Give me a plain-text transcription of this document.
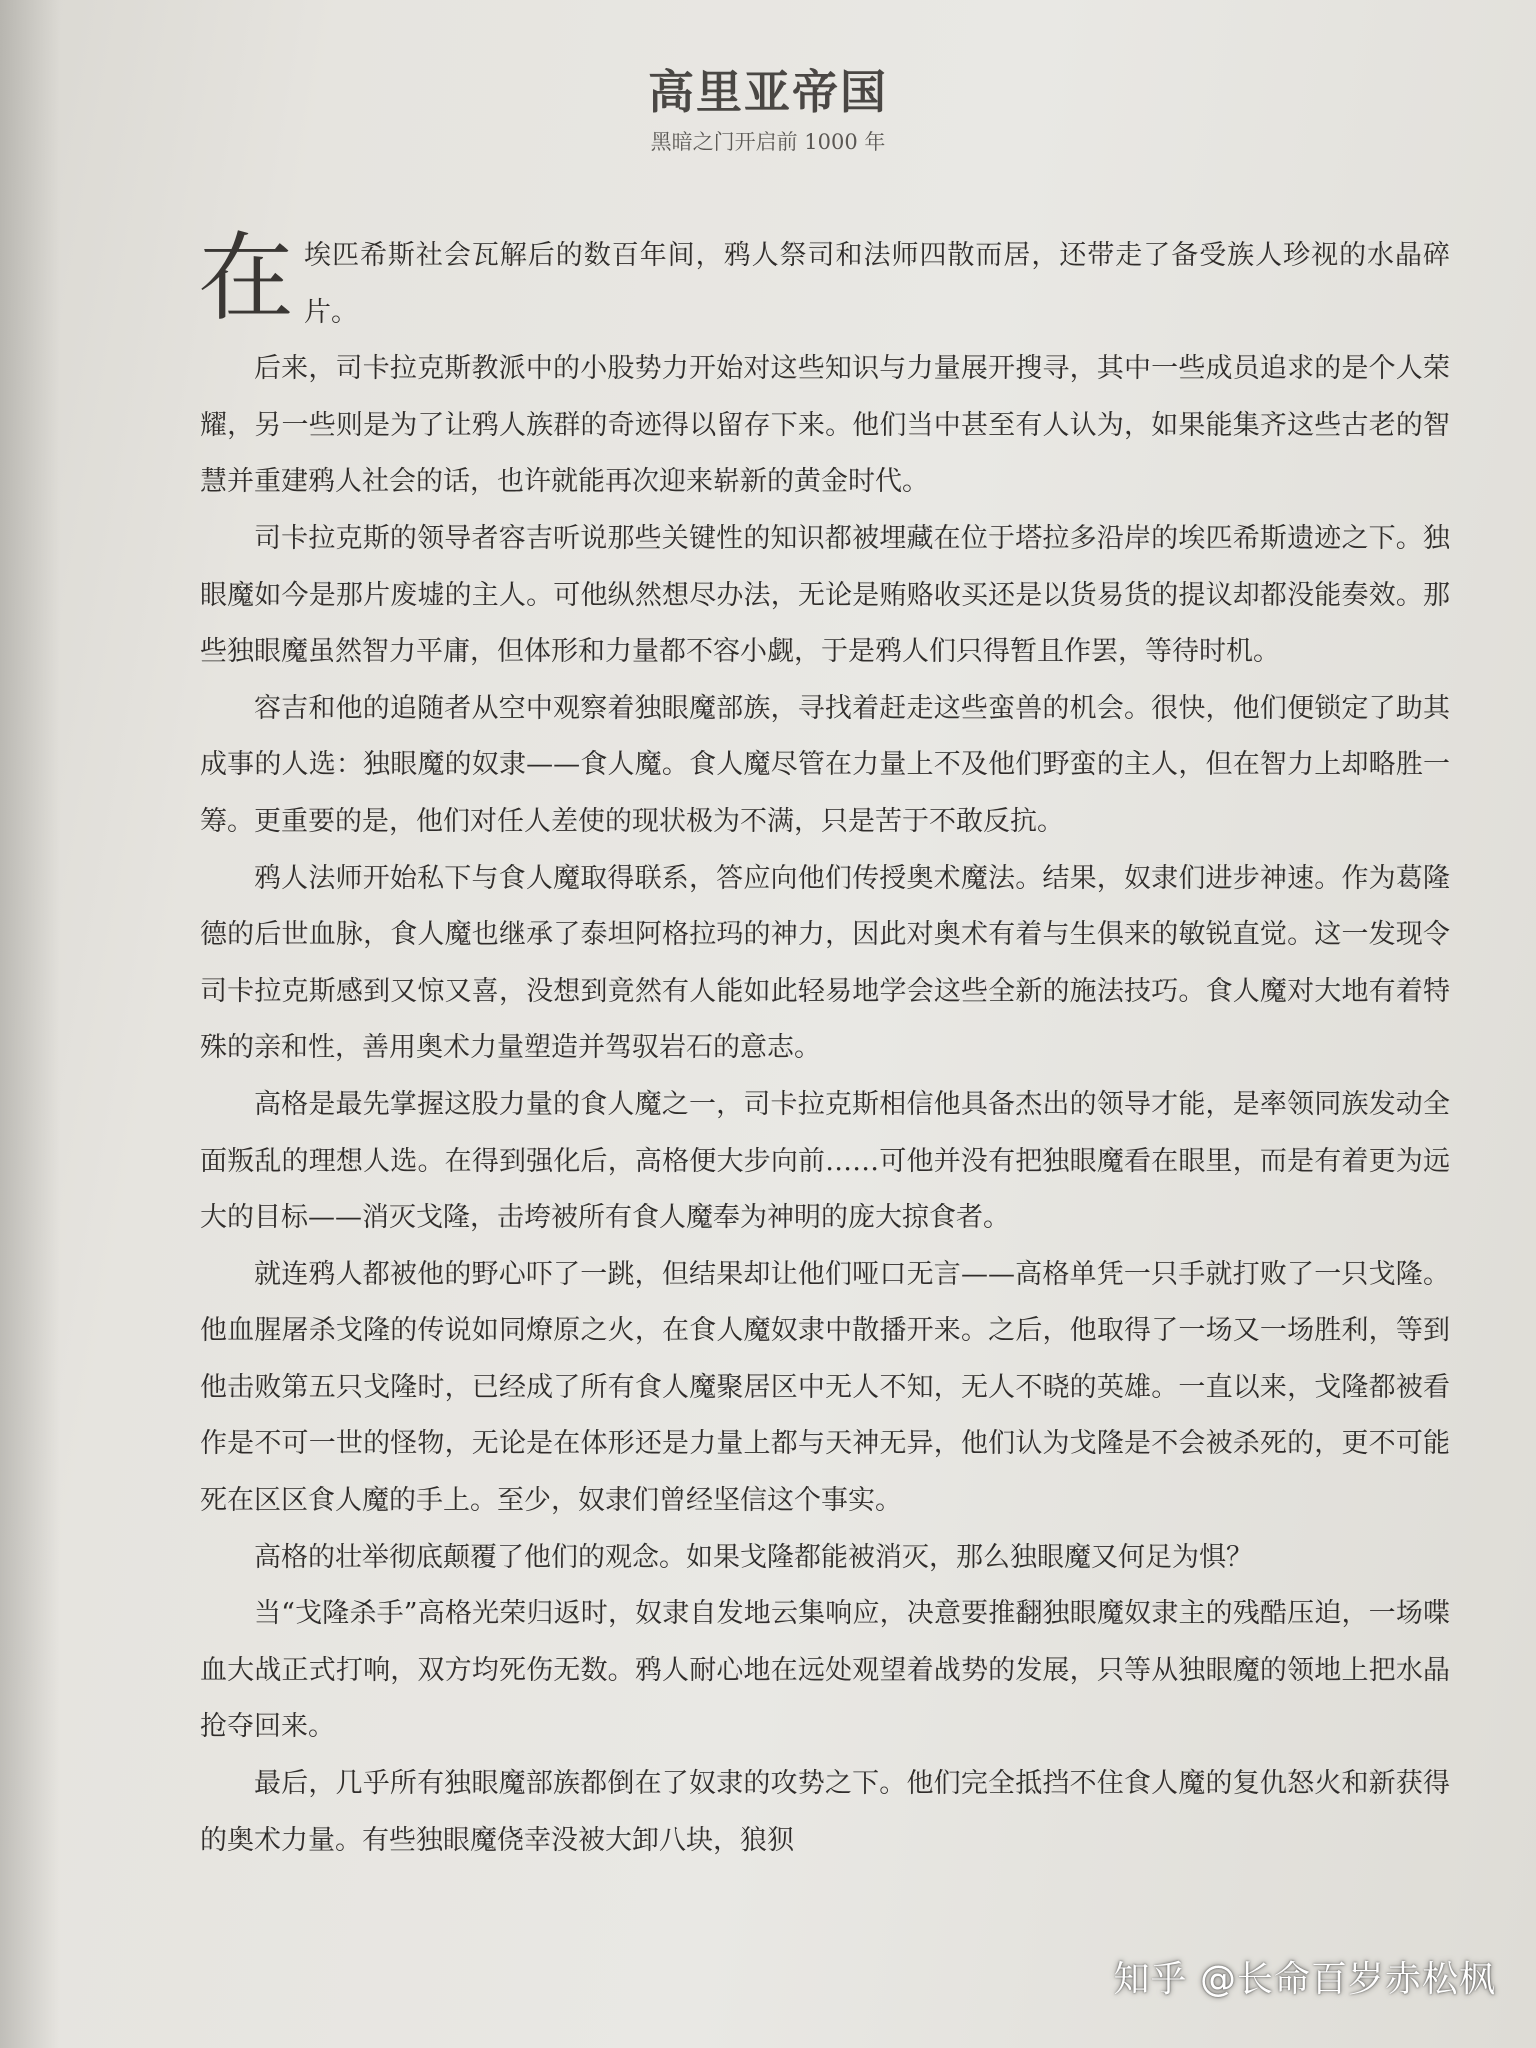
高里亚帝国
黑暗之门开启前 1000 年

在埃匹希斯社会瓦解后的数百年间，鸦人祭司和法师四散而居，还带走了备受族人珍视的水晶碎片。

后来，司卡拉克斯教派中的小股势力开始对这些知识与力量展开搜寻，其中一些成员追求的是个人荣耀，另一些则是为了让鸦人族群的奇迹得以留存下来。他们当中甚至有人认为，如果能集齐这些古老的智慧并重建鸦人社会的话，也许就能再次迎来崭新的黄金时代。

司卡拉克斯的领导者容吉听说那些关键性的知识都被埋藏在位于塔拉多沿岸的埃匹希斯遗迹之下。独眼魔如今是那片废墟的主人。可他纵然想尽办法，无论是贿赂收买还是以货易货的提议却都没能奏效。那些独眼魔虽然智力平庸，但体形和力量都不容小觑，于是鸦人们只得暂且作罢，等待时机。

容吉和他的追随者从空中观察着独眼魔部族，寻找着赶走这些蛮兽的机会。很快，他们便锁定了助其成事的人选：独眼魔的奴隶——食人魔。食人魔尽管在力量上不及他们野蛮的主人，但在智力上却略胜一筹。更重要的是，他们对任人差使的现状极为不满，只是苦于不敢反抗。

鸦人法师开始私下与食人魔取得联系，答应向他们传授奥术魔法。结果，奴隶们进步神速。作为葛隆德的后世血脉，食人魔也继承了泰坦阿格拉玛的神力，因此对奥术有着与生俱来的敏锐直觉。这一发现令司卡拉克斯感到又惊又喜，没想到竟然有人能如此轻易地学会这些全新的施法技巧。食人魔对大地有着特殊的亲和性，善用奥术力量塑造并驾驭岩石的意志。

高格是最先掌握这股力量的食人魔之一，司卡拉克斯相信他具备杰出的领导才能，是率领同族发动全面叛乱的理想人选。在得到强化后，高格便大步向前……可他并没有把独眼魔看在眼里，而是有着更为远大的目标——消灭戈隆，击垮被所有食人魔奉为神明的庞大掠食者。

就连鸦人都被他的野心吓了一跳，但结果却让他们哑口无言——高格单凭一只手就打败了一只戈隆。他血腥屠杀戈隆的传说如同燎原之火，在食人魔奴隶中散播开来。之后，他取得了一场又一场胜利，等到他击败第五只戈隆时，已经成了所有食人魔聚居区中无人不知，无人不晓的英雄。一直以来，戈隆都被看作是不可一世的怪物，无论是在体形还是力量上都与天神无异，他们认为戈隆是不会被杀死的，更不可能死在区区食人魔的手上。至少，奴隶们曾经坚信这个事实。

高格的壮举彻底颠覆了他们的观念。如果戈隆都能被消灭，那么独眼魔又何足为惧？

当“戈隆杀手”高格光荣归返时，奴隶自发地云集响应，决意要推翻独眼魔奴隶主的残酷压迫，一场喋血大战正式打响，双方均死伤无数。鸦人耐心地在远处观望着战势的发展，只等从独眼魔的领地上把水晶抢夺回来。

最后，几乎所有独眼魔部族都倒在了奴隶的攻势之下。他们完全抵挡不住食人魔的复仇怒火和新获得的奥术力量。有些独眼魔侥幸没被大卸八块，狼狈

知乎 @长命百岁赤松枫
